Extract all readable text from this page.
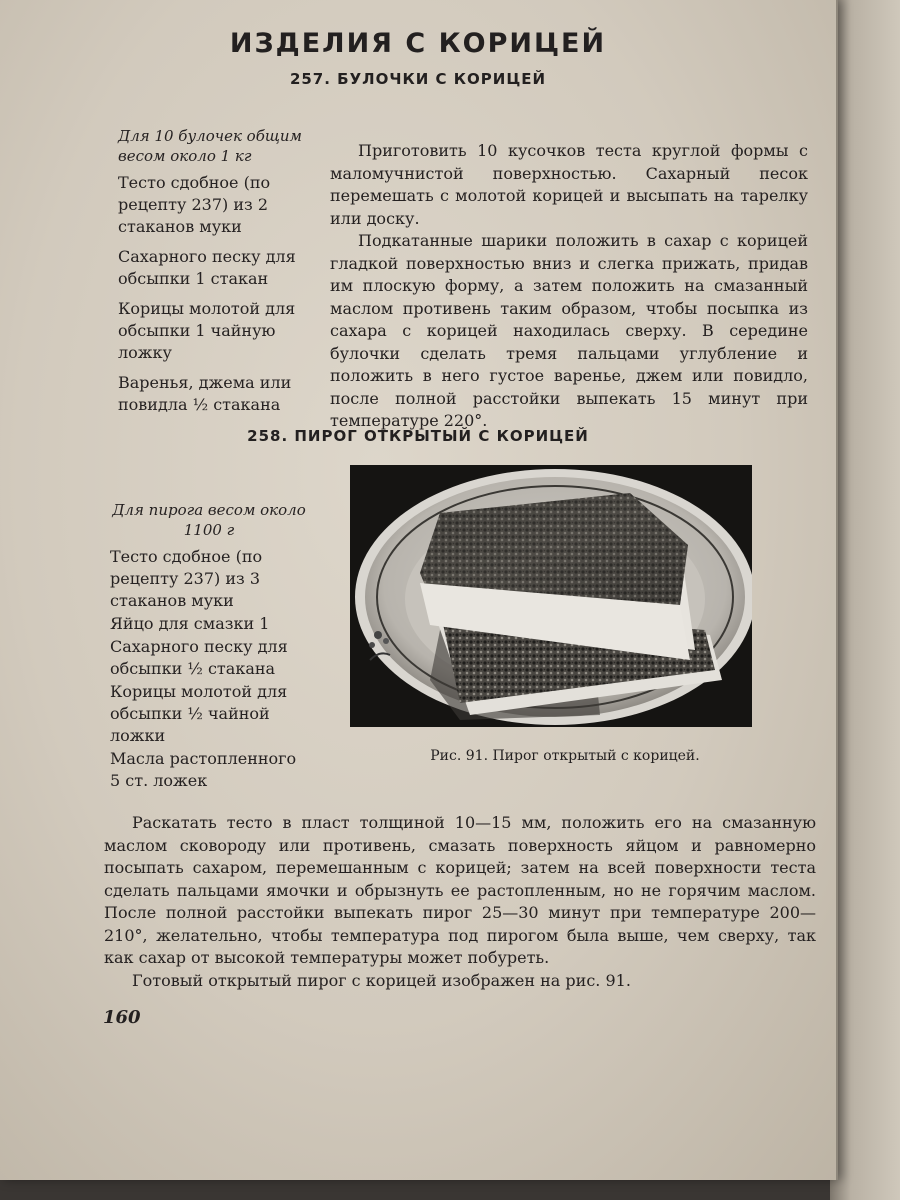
ИЗДЕЛИЯ С КОРИЦЕЙ
257. БУЛОЧКИ С КОРИЦЕЙ
Для 10 булочек общим весом около 1 кг
Тесто сдобное (по рецепту 237) из 2 стаканов муки
Сахарного песку для обсыпки 1 стакан
Корицы молотой для обсыпки 1 чайную ложку
Варенья, джема или повидла ½ стакана

Приготовить 10 кусочков теста круглой формы с маломучнистой поверхностью. Сахарный песок перемешать с молотой корицей и высыпать на тарелку или доску.

Подкатанные шарики положить в сахар с корицей гладкой поверхностью вниз и слегка прижать, придав им плоскую форму, а затем положить на смазанный маслом противень таким образом, чтобы посыпка из сахара с корицей находилась сверху. В середине булочки сделать тремя пальцами углубление и положить в него густое варенье, джем или повидло, после полной расстойки выпекать 15 минут при температуре 220°.

258. ПИРОГ ОТКРЫТЫЙ С КОРИЦЕЙ
Для пирога весом около 1100 г
Тесто сдобное (по рецепту 237) из 3 стаканов муки
Яйцо для смазки 1
Сахарного песку для обсыпки ½ стакана
Корицы молотой для обсыпки ½ чайной ложки
Масла растопленного 5 ст. ложек
Рис. 91. Пирог открытый с корицей.

Раскатать тесто в пласт толщиной 10—15 мм, положить его на смазанную маслом сковороду или противень, смазать поверхность яйцом и равномерно посыпать сахаром, перемешанным с корицей; затем на всей поверхности теста сделать пальцами ямочки и обрызнуть ее растопленным, но не горячим маслом. После полной расстойки выпекать пирог 25—30 минут при температуре 200—210°, желательно, чтобы температура под пирогом была выше, чем сверху, так как сахар от высокой температуры может побуреть.

Готовый открытый пирог с корицей изображен на рис. 91.

160
